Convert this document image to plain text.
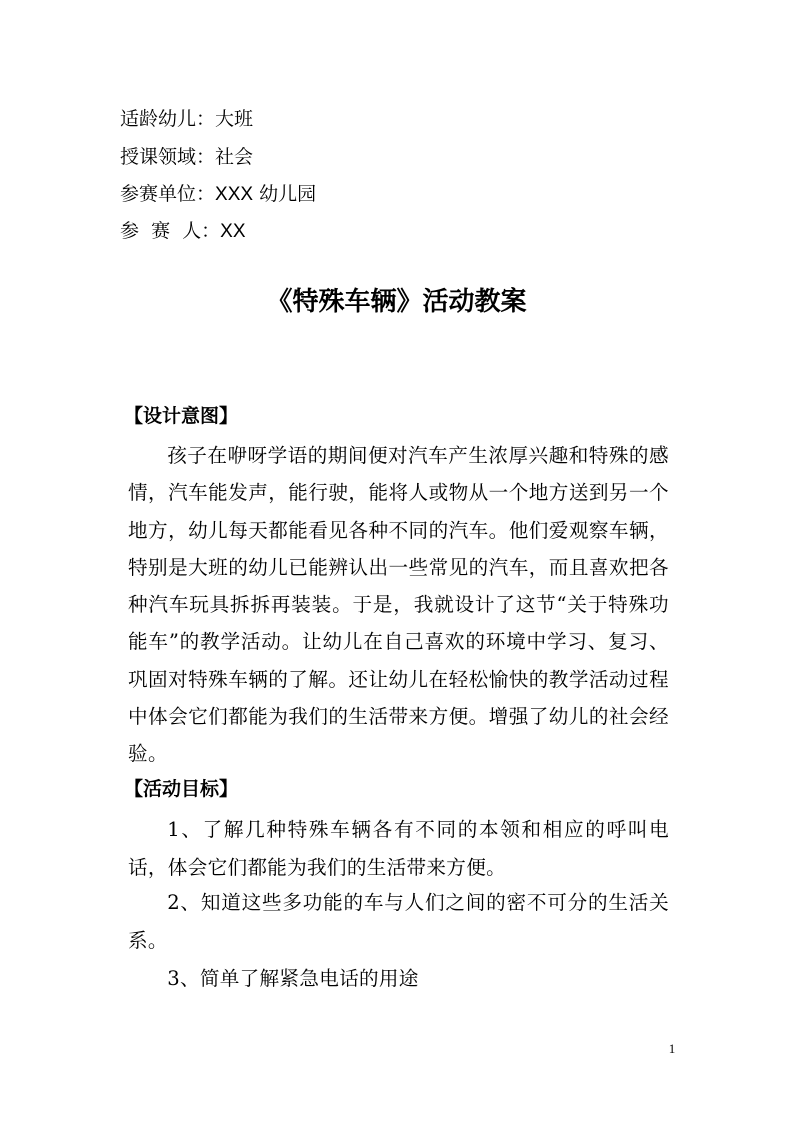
适龄幼儿：大班
授课领域：社会
参赛单位：XXX 幼儿园
参  赛  人：XX
《特殊车辆》活动教案
【设计意图】
孩子在咿呀学语的期间便对汽车产生浓厚兴趣和特殊的感情，汽车能发声，能行驶，能将人或物从一个地方送到另一个地方，幼儿每天都能看见各种不同的汽车。他们爱观察车辆，特别是大班的幼儿已能辨认出一些常见的汽车，而且喜欢把各种汽车玩具拆拆再装装。于是，我就设计了这节“关于特殊功能车”的教学活动。让幼儿在自己喜欢的环境中学习、复习、巩固对特殊车辆的了解。还让幼儿在轻松愉快的教学活动过程中体会它们都能为我们的生活带来方便。增强了幼儿的社会经验。
【活动目标】
1、了解几种特殊车辆各有不同的本领和相应的呼叫电话，体会它们都能为我们的生活带来方便。
2、知道这些多功能的车与人们之间的密不可分的生活关系。
3、简单了解紧急电话的用途
1
